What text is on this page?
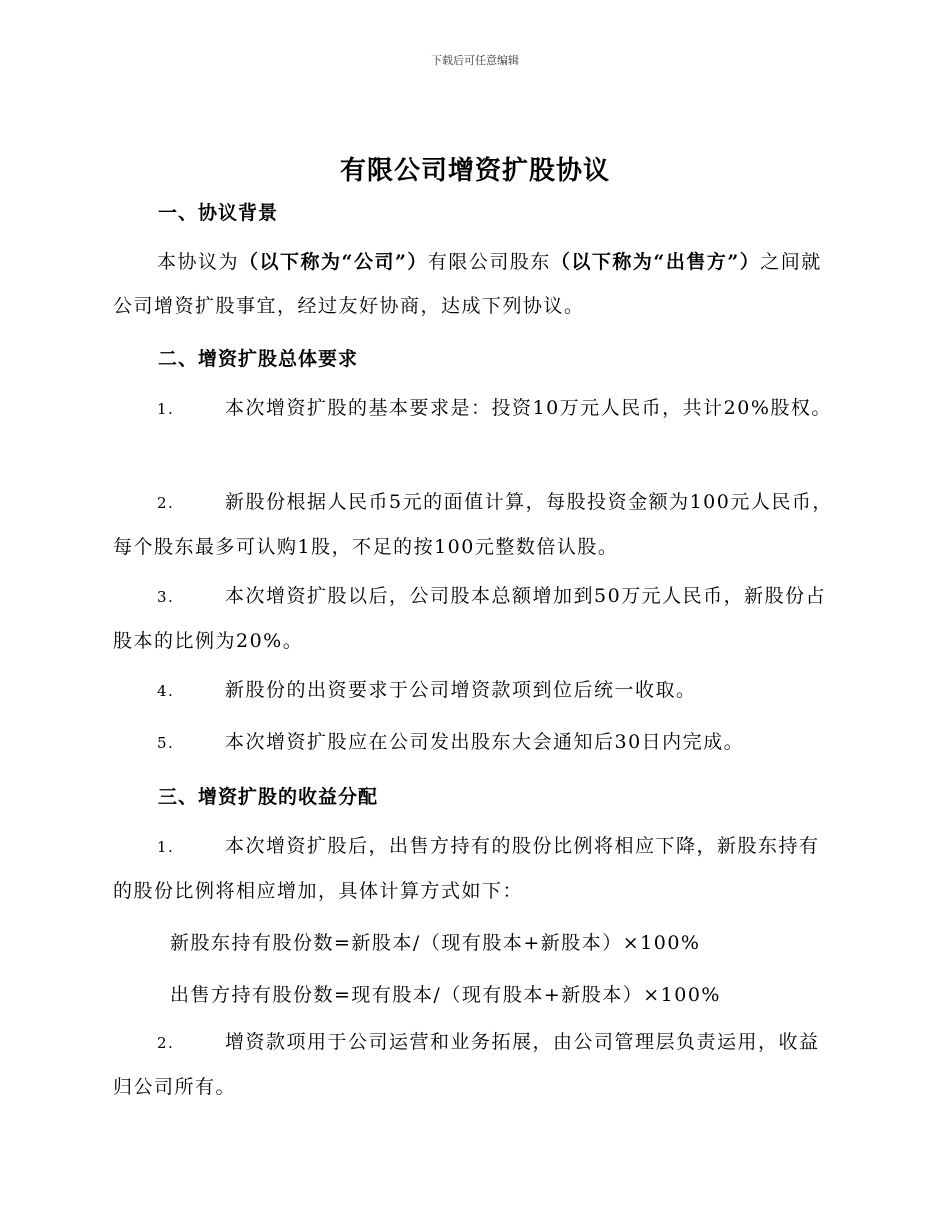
下载后可任意编辑
有限公司增资扩股协议
一、协议背景
本协议为（以下称为“公司”）有限公司股东（以下称为“出售方”）之间就公司增资扩股事宜，经过友好协商，达成下列协议。
二、增资扩股总体要求
1.	本次增资扩股的基本要求是：投资10万元人民币，共计20%股权。
2.	新股份根据人民币5元的面值计算，每股投资金额为100元人民币，每个股东最多可认购1股，不足的按100元整数倍认股。
3.	本次增资扩股以后，公司股本总额增加到50万元人民币，新股份占股本的比例为20%。
4.	新股份的出资要求于公司增资款项到位后统一收取。
5.	本次增资扩股应在公司发出股东大会通知后30日内完成。
三、增资扩股的收益分配
1.	本次增资扩股后，出售方持有的股份比例将相应下降，新股东持有的股份比例将相应增加，具体计算方式如下：
新股东持有股份数=新股本/（现有股本+新股本）×100%
出售方持有股份数=现有股本/（现有股本+新股本）×100%
2.	增资款项用于公司运营和业务拓展，由公司管理层负责运用，收益归公司所有。
